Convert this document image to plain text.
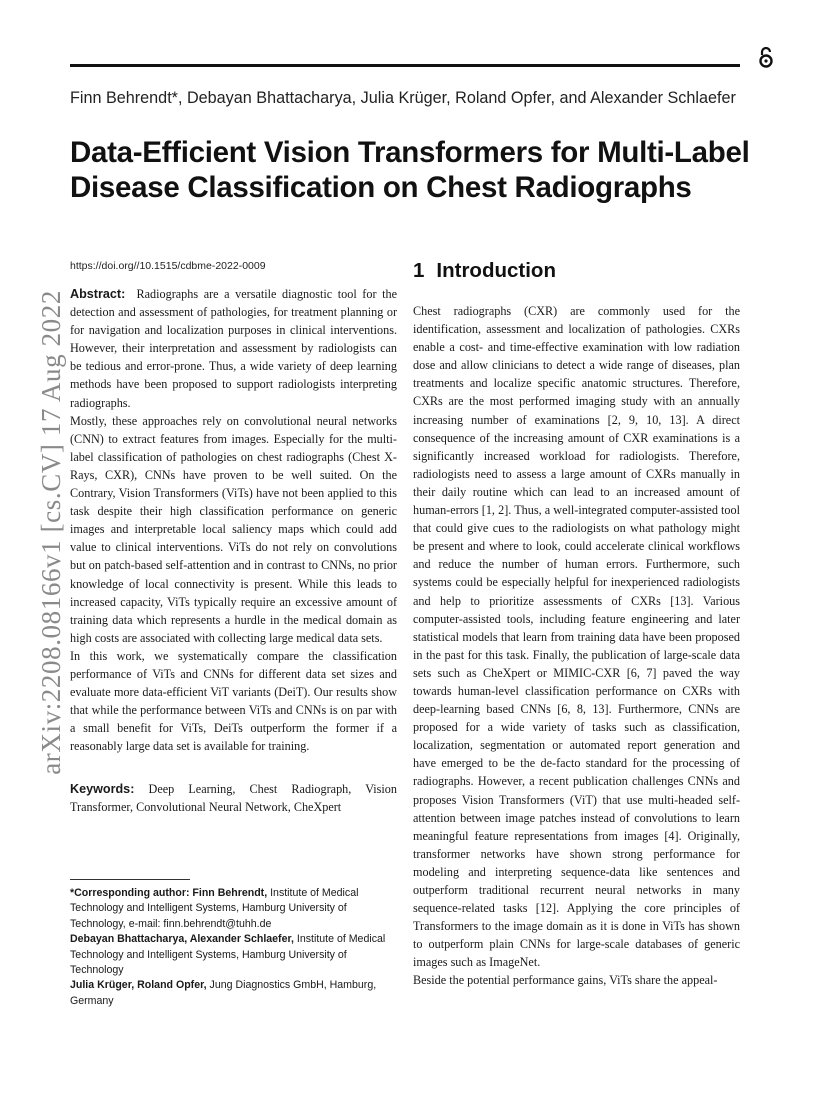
arXiv:2208.08166v1 [cs.CV] 17 Aug 2022
Finn Behrendt*, Debayan Bhattacharya, Julia Krüger, Roland Opfer, and Alexander Schlaefer
Data-Efficient Vision Transformers for Multi-Label Disease Classification on Chest Radiographs
https://doi.org//10.1515/cdbme-2022-0009

Abstract: Radiographs are a versatile diagnostic tool for the detection and assessment of pathologies, for treatment planning or for navigation and localization purposes in clinical interventions. However, their interpretation and assessment by radiologists can be tedious and error-prone. Thus, a wide variety of deep learning methods have been proposed to support radiologists interpreting radiographs.

Mostly, these approaches rely on convolutional neural networks (CNN) to extract features from images. Especially for the multi-label classification of pathologies on chest radiographs (Chest X-Rays, CXR), CNNs have proven to be well suited. On the Contrary, Vision Transformers (ViTs) have not been applied to this task despite their high classification performance on generic images and interpretable local saliency maps which could add value to clinical interventions. ViTs do not rely on convolutions but on patch-based self-attention and in contrast to CNNs, no prior knowledge of local connectivity is present. While this leads to increased capacity, ViTs typically require an excessive amount of training data which represents a hurdle in the medical domain as high costs are associated with collecting large medical data sets.

In this work, we systematically compare the classification performance of ViTs and CNNs for different data set sizes and evaluate more data-efficient ViT variants (DeiT). Our results show that while the performance between ViTs and CNNs is on par with a small benefit for ViTs, DeiTs outperform the former if a reasonably large data set is available for training.

Keywords: Deep Learning, Chest Radiograph, Vision Transformer, Convolutional Neural Network, CheXpert

*Corresponding author: Finn Behrendt, Institute of Medical Technology and Intelligent Systems, Hamburg University of Technology, e-mail: finn.behrendt@tuhh.de

Debayan Bhattacharya, Alexander Schlaefer, Institute of Medical Technology and Intelligent Systems, Hamburg University of Technology

Julia Krüger, Roland Opfer, Jung Diagnostics GmbH, Hamburg, Germany

1 Introduction

Chest radiographs (CXR) are commonly used for the identification, assessment and localization of pathologies. CXRs enable a cost- and time-effective examination with low radiation dose and allow clinicians to detect a wide range of diseases, plan treatments and localize specific anatomic structures. Therefore, CXRs are the most performed imaging study with an annually increasing number of examinations [2, 9, 10, 13]. A direct consequence of the increasing amount of CXR examinations is a significantly increased workload for radiologists. Therefore, radiologists need to assess a large amount of CXRs manually in their daily routine which can lead to an increased amount of human-errors [1, 2]. Thus, a well-integrated computer-assisted tool that could give cues to the radiologists on what pathology might be present and where to look, could accelerate clinical workflows and reduce the number of human errors. Furthermore, such systems could be especially helpful for inexperienced radiologists and help to prioritize assessments of CXRs [13]. Various computer-assisted tools, including feature engineering and later statistical models that learn from training data have been proposed in the past for this task. Finally, the publication of large-scale data sets such as CheXpert or MIMIC-CXR [6, 7] paved the way towards human-level classification performance on CXRs with deep-learning based CNNs [6, 8, 13]. Furthermore, CNNs are proposed for a wide variety of tasks such as classification, localization, segmentation or automated report generation and have emerged to be the de-facto standard for the processing of radiographs. However, a recent publication challenges CNNs and proposes Vision Transformers (ViT) that use multi-headed self-attention between image patches instead of convolutions to learn meaningful feature representations from images [4]. Originally, transformer networks have shown strong performance for modeling and interpreting sequence-data like sentences and outperform traditional recurrent neural networks in many sequence-related tasks [12]. Applying the core principles of Transformers to the image domain as it is done in ViTs has shown to outperform plain CNNs for large-scale databases of generic images such as ImageNet.

Beside the potential performance gains, ViTs share the appeal-
